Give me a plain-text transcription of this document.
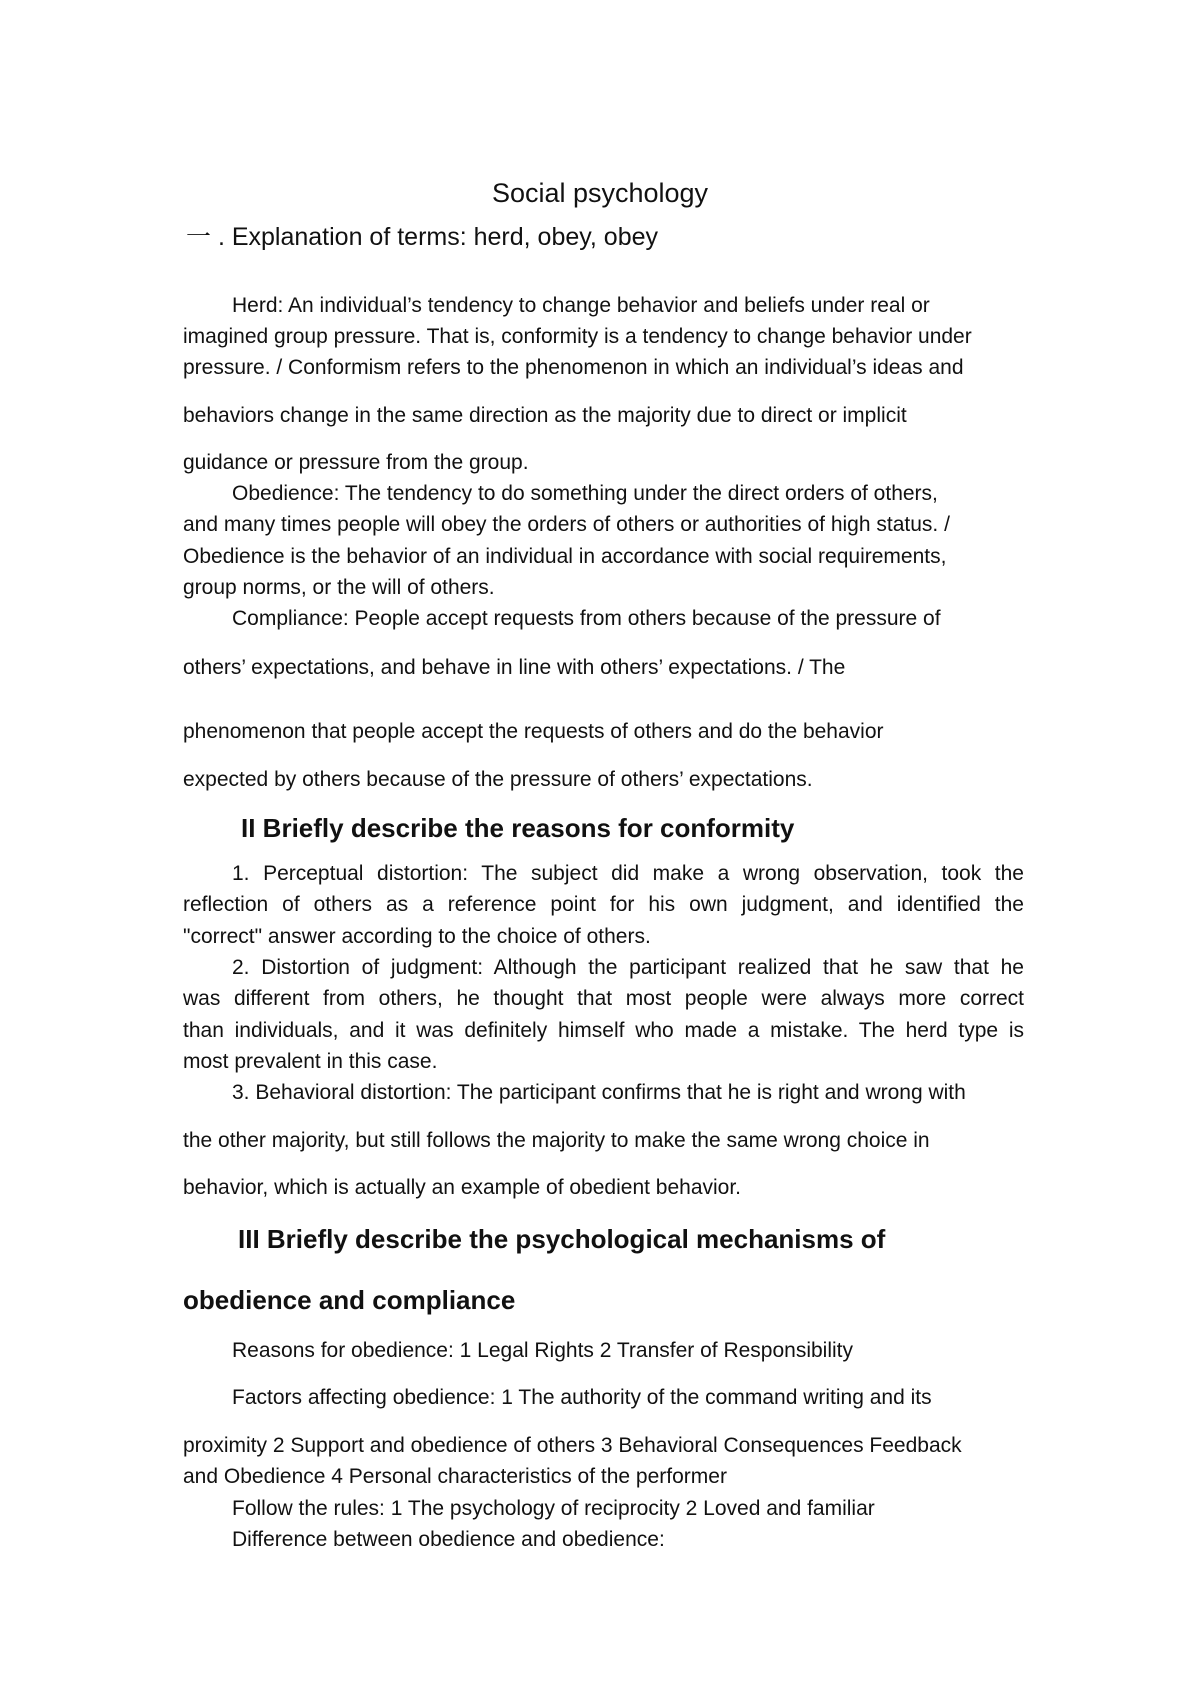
Social psychology
一 . Explanation of terms: herd, obey, obey

Herd: An individual’s tendency to change behavior and beliefs under real or

imagined group pressure. That is, conformity is a tendency to change behavior under

pressure. / Conformism refers to the phenomenon in which an individual’s ideas and

behaviors change in the same direction as the majority due to direct or implicit

guidance or pressure from the group.

Obedience: The tendency to do something under the direct orders of others,

and many times people will obey the orders of others or authorities of high status. /

Obedience is the behavior of an individual in accordance with social requirements,

group norms, or the will of others.

Compliance: People accept requests from others because of the pressure of

others’ expectations, and behave in line with others’ expectations. / The

phenomenon that people accept the requests of others and do the behavior

expected by others because of the pressure of others’ expectations.

II Briefly describe the reasons for conformity

1. Perceptual distortion: The subject did make a wrong observation, took the

reflection of others as a reference point for his own judgment, and identified the

"correct" answer according to the choice of others.

2. Distortion of judgment: Although the participant realized that he saw that he

was different from others, he thought that most people were always more correct

than individuals, and it was definitely himself who made a mistake. The herd type is

most prevalent in this case.

3. Behavioral distortion: The participant confirms that he is right and wrong with

the other majority, but still follows the majority to make the same wrong choice in

behavior, which is actually an example of obedient behavior.

III Briefly describe the psychological mechanisms of
obedience and compliance

Reasons for obedience: 1 Legal Rights 2 Transfer of Responsibility

Factors affecting obedience: 1 The authority of the command writing and its

proximity 2 Support and obedience of others 3 Behavioral Consequences Feedback

and Obedience 4 Personal characteristics of the performer

Follow the rules: 1 The psychology of reciprocity 2 Loved and familiar

Difference between obedience and obedience:
